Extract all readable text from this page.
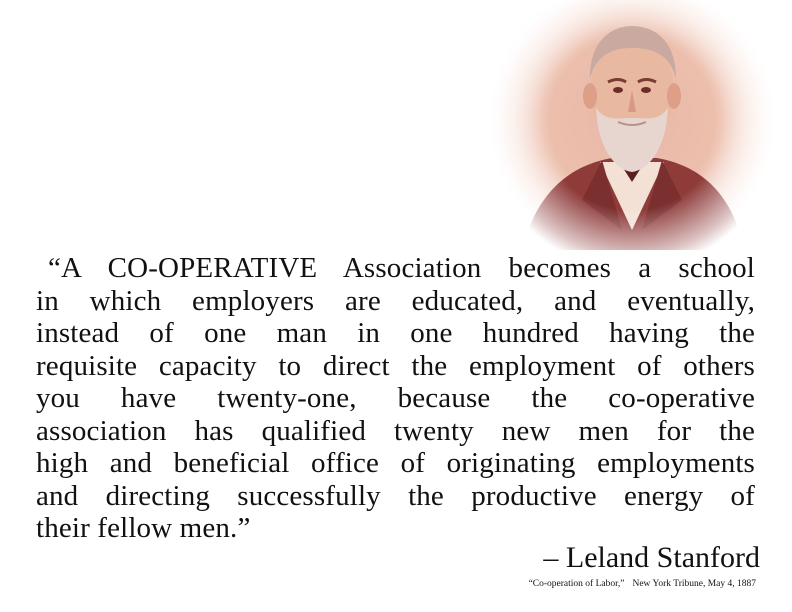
“A CO-OPERATIVE Association becomes a school
in which employers are educated, and eventually,
instead of one man in one hundred having the
requisite capacity to direct the employment of others
you have twenty-one, because the co-operative
association has qualified twenty new men for the
high and beneficial office of originating employments
and directing successfully the productive energy of
their fellow men.”
– Leland Stanford
“Co-operation of Labor,” New York Tribune, May 4, 1887
